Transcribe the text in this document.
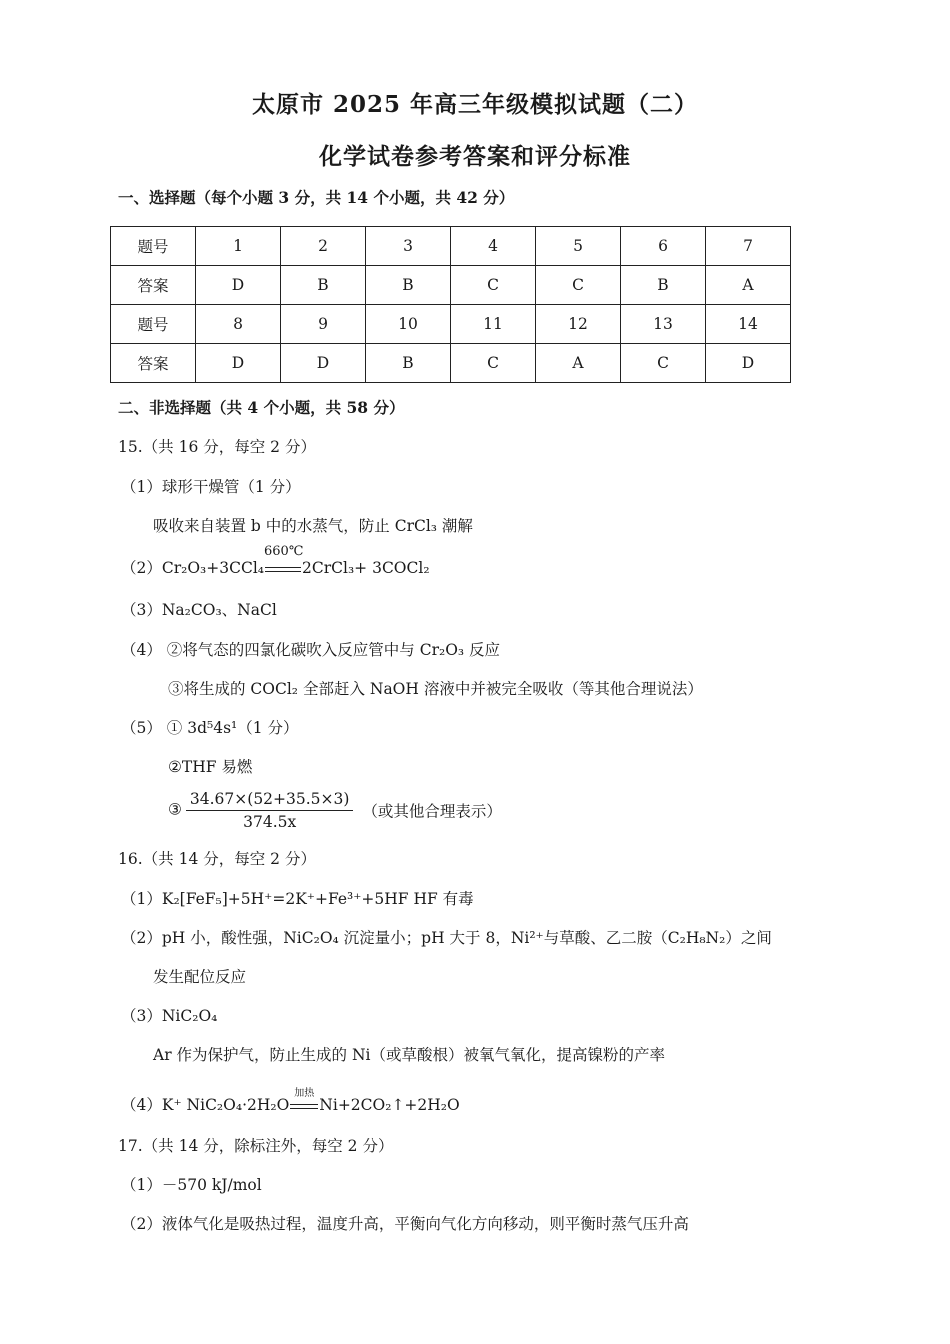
太原市 2025 年高三年级模拟试题（二）
化学试卷参考答案和评分标准
一、选择题（每个小题 3 分，共 14 个小题，共 42 分）
题号	1	2	3	4	5	6	7
答案	D	B	B	C	C	B	A
题号	8	9	10	11	12	13	14
答案	D	D	B	C	A	C	D
二、非选择题（共 4 个小题，共 58 分）
15.（共 16 分，每空 2 分）
（1）球形干燥管（1 分）
吸收来自装置 b 中的水蒸气，防止 CrCl₃ 潮解
（2）Cr₂O₃+3CCl₄
660℃
2CrCl₃+ 3COCl₂
（3）Na₂CO₃、NaCl
（4） ②将气态的四氯化碳吹入反应管中与 Cr₂O₃ 反应
③将生成的 COCl₂ 全部赶入 NaOH 溶液中并被完全吸收（等其他合理说法）
（5） ① 3d⁵4s¹（1 分）
②THF 易燃
③ $\frac{34.67\times(52+35.5\times 3)}{374.5x}$ （或其他合理表示）
16.（共 14 分，每空 2 分）
（1）K₂[FeF₅]+5H⁺=2K⁺+Fe³⁺+5HF HF 有毒
（2）pH 小，酸性强，NiC₂O₄ 沉淀量小；pH 大于 8，Ni²⁺与草酸、乙二胺（C₂H₈N₂）之间
发生配位反应
（3）NiC₂O₄
Ar 作为保护气，防止生成的 Ni（或草酸根）被氧气氧化，提高镍粉的产率
（4）K⁺ NiC₂O₄·2H₂O
加热
Ni+2CO₂↑+2H₂O
17.（共 14 分，除标注外，每空 2 分）
（1）－570 kJ/mol
（2）液体气化是吸热过程，温度升高，平衡向气化方向移动，则平衡时蒸气压升高
